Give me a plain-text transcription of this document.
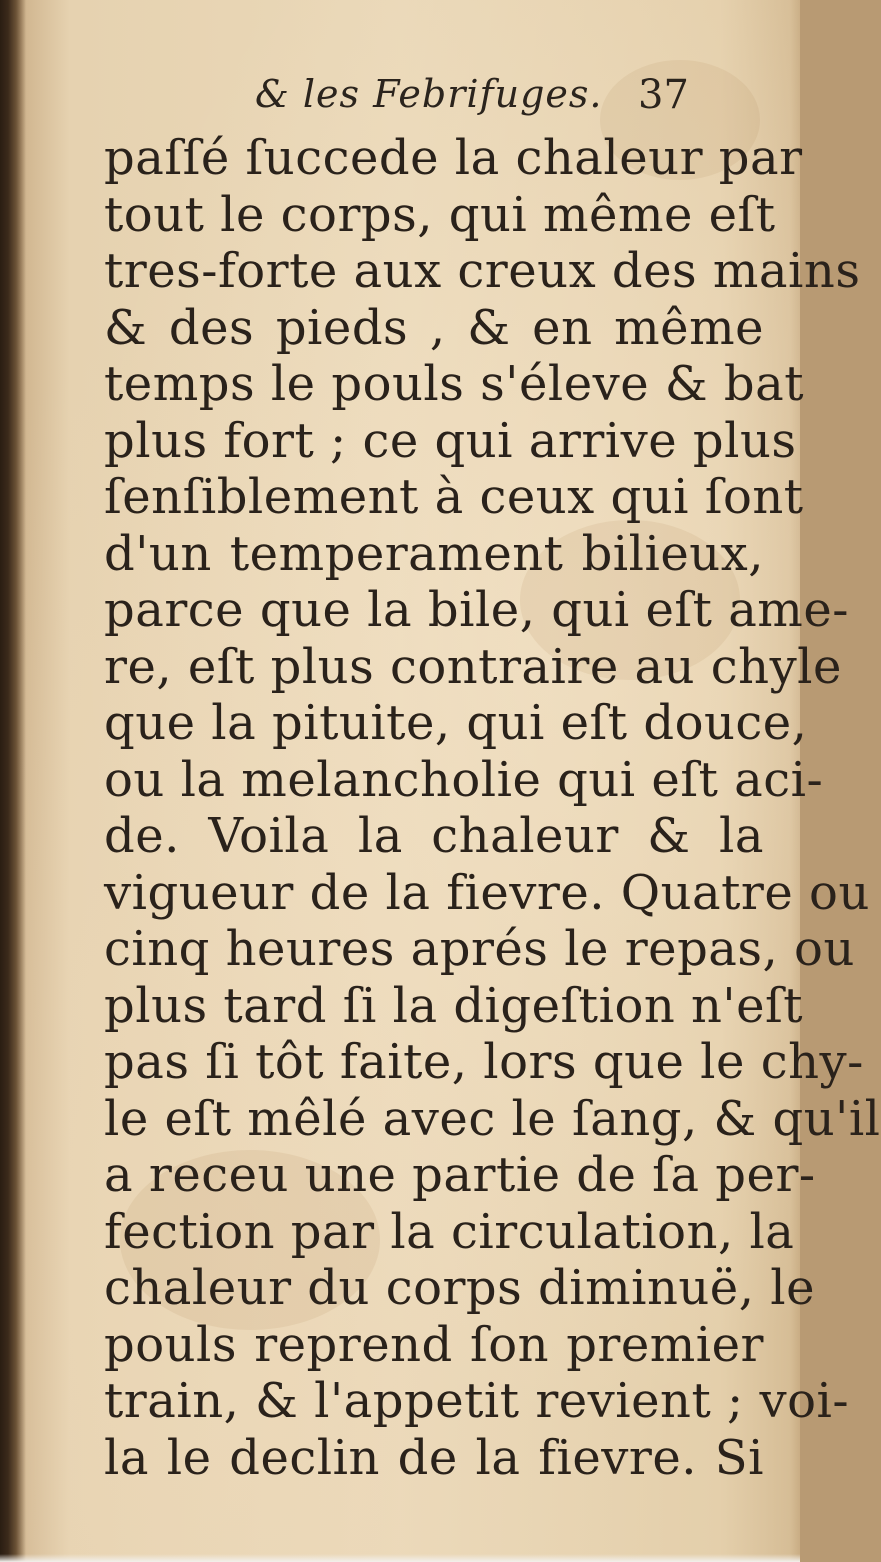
& les Febrifuges. 37
paſſé ſuccede la chaleur par
tout le corps, qui même eſt
tres-forte aux creux des mains
& des pieds , & en même
temps le pouls s'éleve & bat
plus fort ; ce qui arrive plus
ſenſiblement à ceux qui ſont
d'un temperament bilieux,
parce que la bile, qui eſt ame-
re, eſt plus contraire au chyle
que la pituite, qui eſt douce,
ou la melancholie qui eſt aci-
de. Voila la chaleur & la
vigueur de la fievre. Quatre ou
cinq heures aprés le repas, ou
plus tard ſi la digeſtion n'eſt
pas ſi tôt faite, lors que le chy-
le eſt mêlé avec le ſang, & qu'il
a receu une partie de ſa per-
fection par la circulation, la
chaleur du corps diminuë, le
pouls reprend ſon premier
train, & l'appetit revient ; voi-
la le declin de la fievre. Si
